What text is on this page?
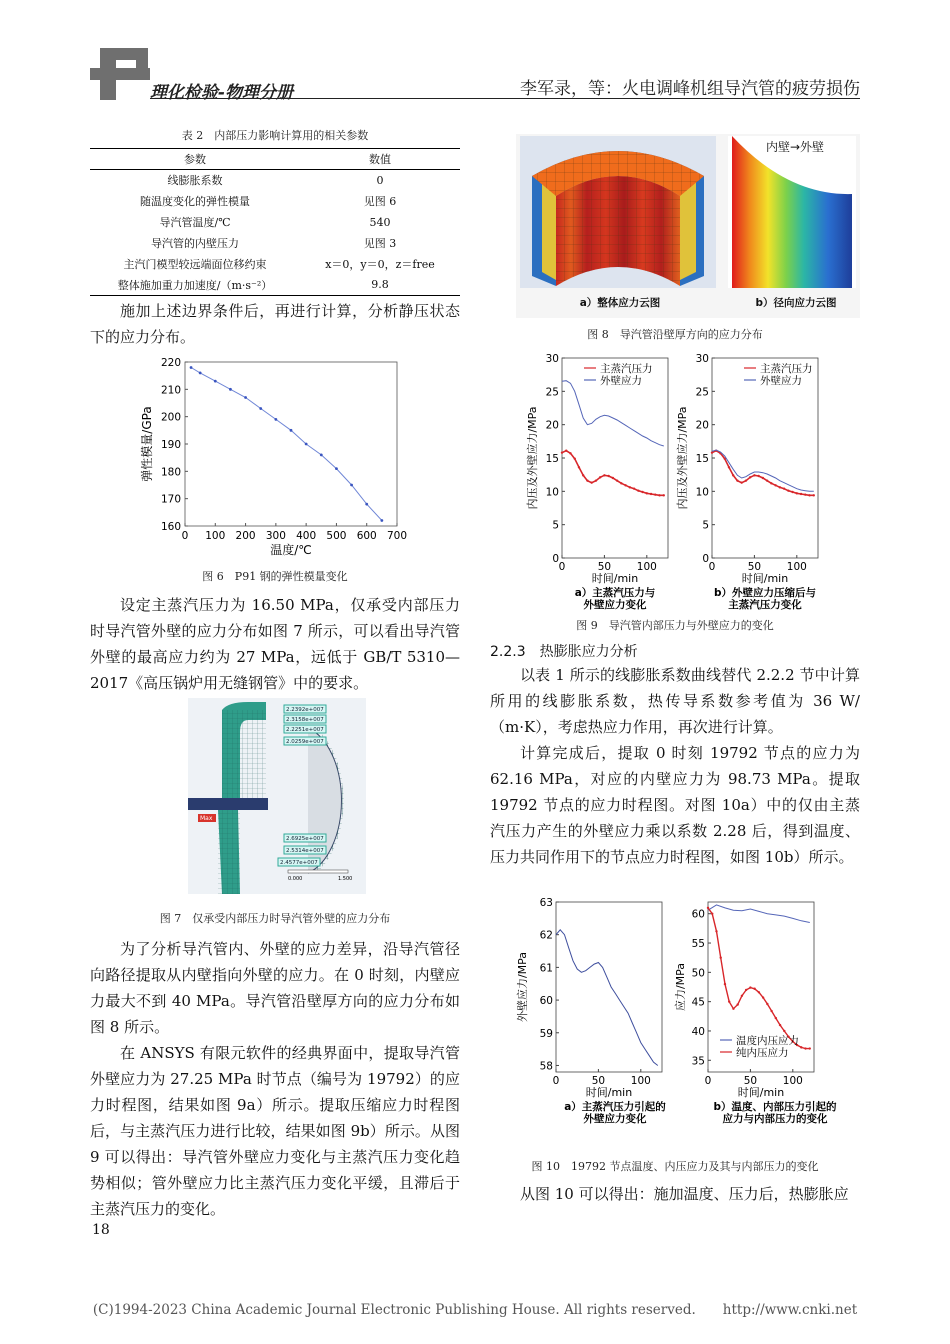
理化检验-物理分册	李军录，等：火电调峰机组导汽管的疲劳损伤
表 2　内部压力影响计算用的相关参数
参数	数值
线膨胀系数	0
随温度变化的弹性模量	见图 6
导汽管温度/℃	540
导汽管的内壁压力	见图 3
主汽门模型较远端面位移约束	x＝0，y＝0，z＝free
整体施加重力加速度/（m·s⁻²）	9.8
施加上述边界条件后，再进行计算，分析静压状态下的应力分布。
0 100 200 300 400 500 600 700
160
170
180
190
200
210
220
温度/℃
弹性模量/GPa
图 6　P91 钢的弹性模量变化
设定主蒸汽压力为 16.50 MPa，仅承受内部压力时导汽管外壁的应力分布如图 7 所示，可以看出导汽管外壁的最高应力约为 27 MPa，远低于 GB/T 5310—2017《高压锅炉用无缝钢管》中的要求。
Max
2.2392e+007
2.3158e+007
2.2251e+007
2.0259e+007
2.6925e+007
2.5314e+007
2.4577e+007
0.000	1.500
图 7　仅承受内部压力时导汽管外壁的应力分布
为了分析导汽管内、外壁的应力差异，沿导汽管径向路径提取从内壁指向外壁的应力。在 0 时刻，内壁应力最大不到 40 MPa。导汽管沿壁厚方向的应力分布如图 8 所示。
在 ANSYS 有限元软件的经典界面中，提取导汽管外壁应力为 27.25 MPa 时节点（编号为 19792）的应力时程图，结果如图 9a）所示。提取压缩应力时程图后，与主蒸汽压力进行比较，结果如图 9b）所示。从图 9 可以得出：导汽管外壁应力变化与主蒸汽压力变化趋势相似；管外壁应力比主蒸汽压力变化平缓，且滞后于主蒸汽压力的变化。
18
内壁→外壁
a）整体应力云图	b）径向应力云图
图 8　导汽管沿壁厚方向的应力分布
0	50 100
0
5
10
15
20
25
30
时间/min
内压及外壁应力/MPa
主蒸汽压力
外壁应力
a）主蒸汽压力与
外壁应力变化
0	50 100
0
5
10
15
20
25
30
时间/min
内压及外壁应力/MPa
主蒸汽压力
外壁应力
b）外壁应力压缩后与
主蒸汽压力变化
图 9　导汽管内部压力与外壁应力的变化
2.2.3　热膨胀应力分析
以表 1 所示的线膨胀系数曲线替代 2.2.2 节中计算所用的线膨胀系数，热传导系数参考值为 36 W/（m·K），考虑热应力作用，再次进行计算。
计算完成后，提取 0 时刻 19792 节点的应力为 62.16 MPa，对应的内壁应力为 98.73 MPa。提取 19792 节点的应力时程图。对图 10a）中的仅由主蒸汽压力产生的外壁应力乘以系数 2.28 后，得到温度、压力共同作用下的节点应力时程图，如图 10b）所示。
0	50 100
58
59
60
61
62
63
时间/min
外壁应力/MPa
a）主蒸汽压力引起的
外壁应力变化
0	50 100
35
40
45
50
55
60
时间/min
应力/MPa
温度内压应力
纯内压应力
b）温度、内部压力引起的
应力与内部压力的变化
图 10　19792 节点温度、内压应力及其与内部压力的变化
从图 10 可以得出：施加温度、压力后，热膨胀应
(C)1994-2023 China Academic Journal Electronic Publishing House. All rights reserved.　　http://www.cnki.net
